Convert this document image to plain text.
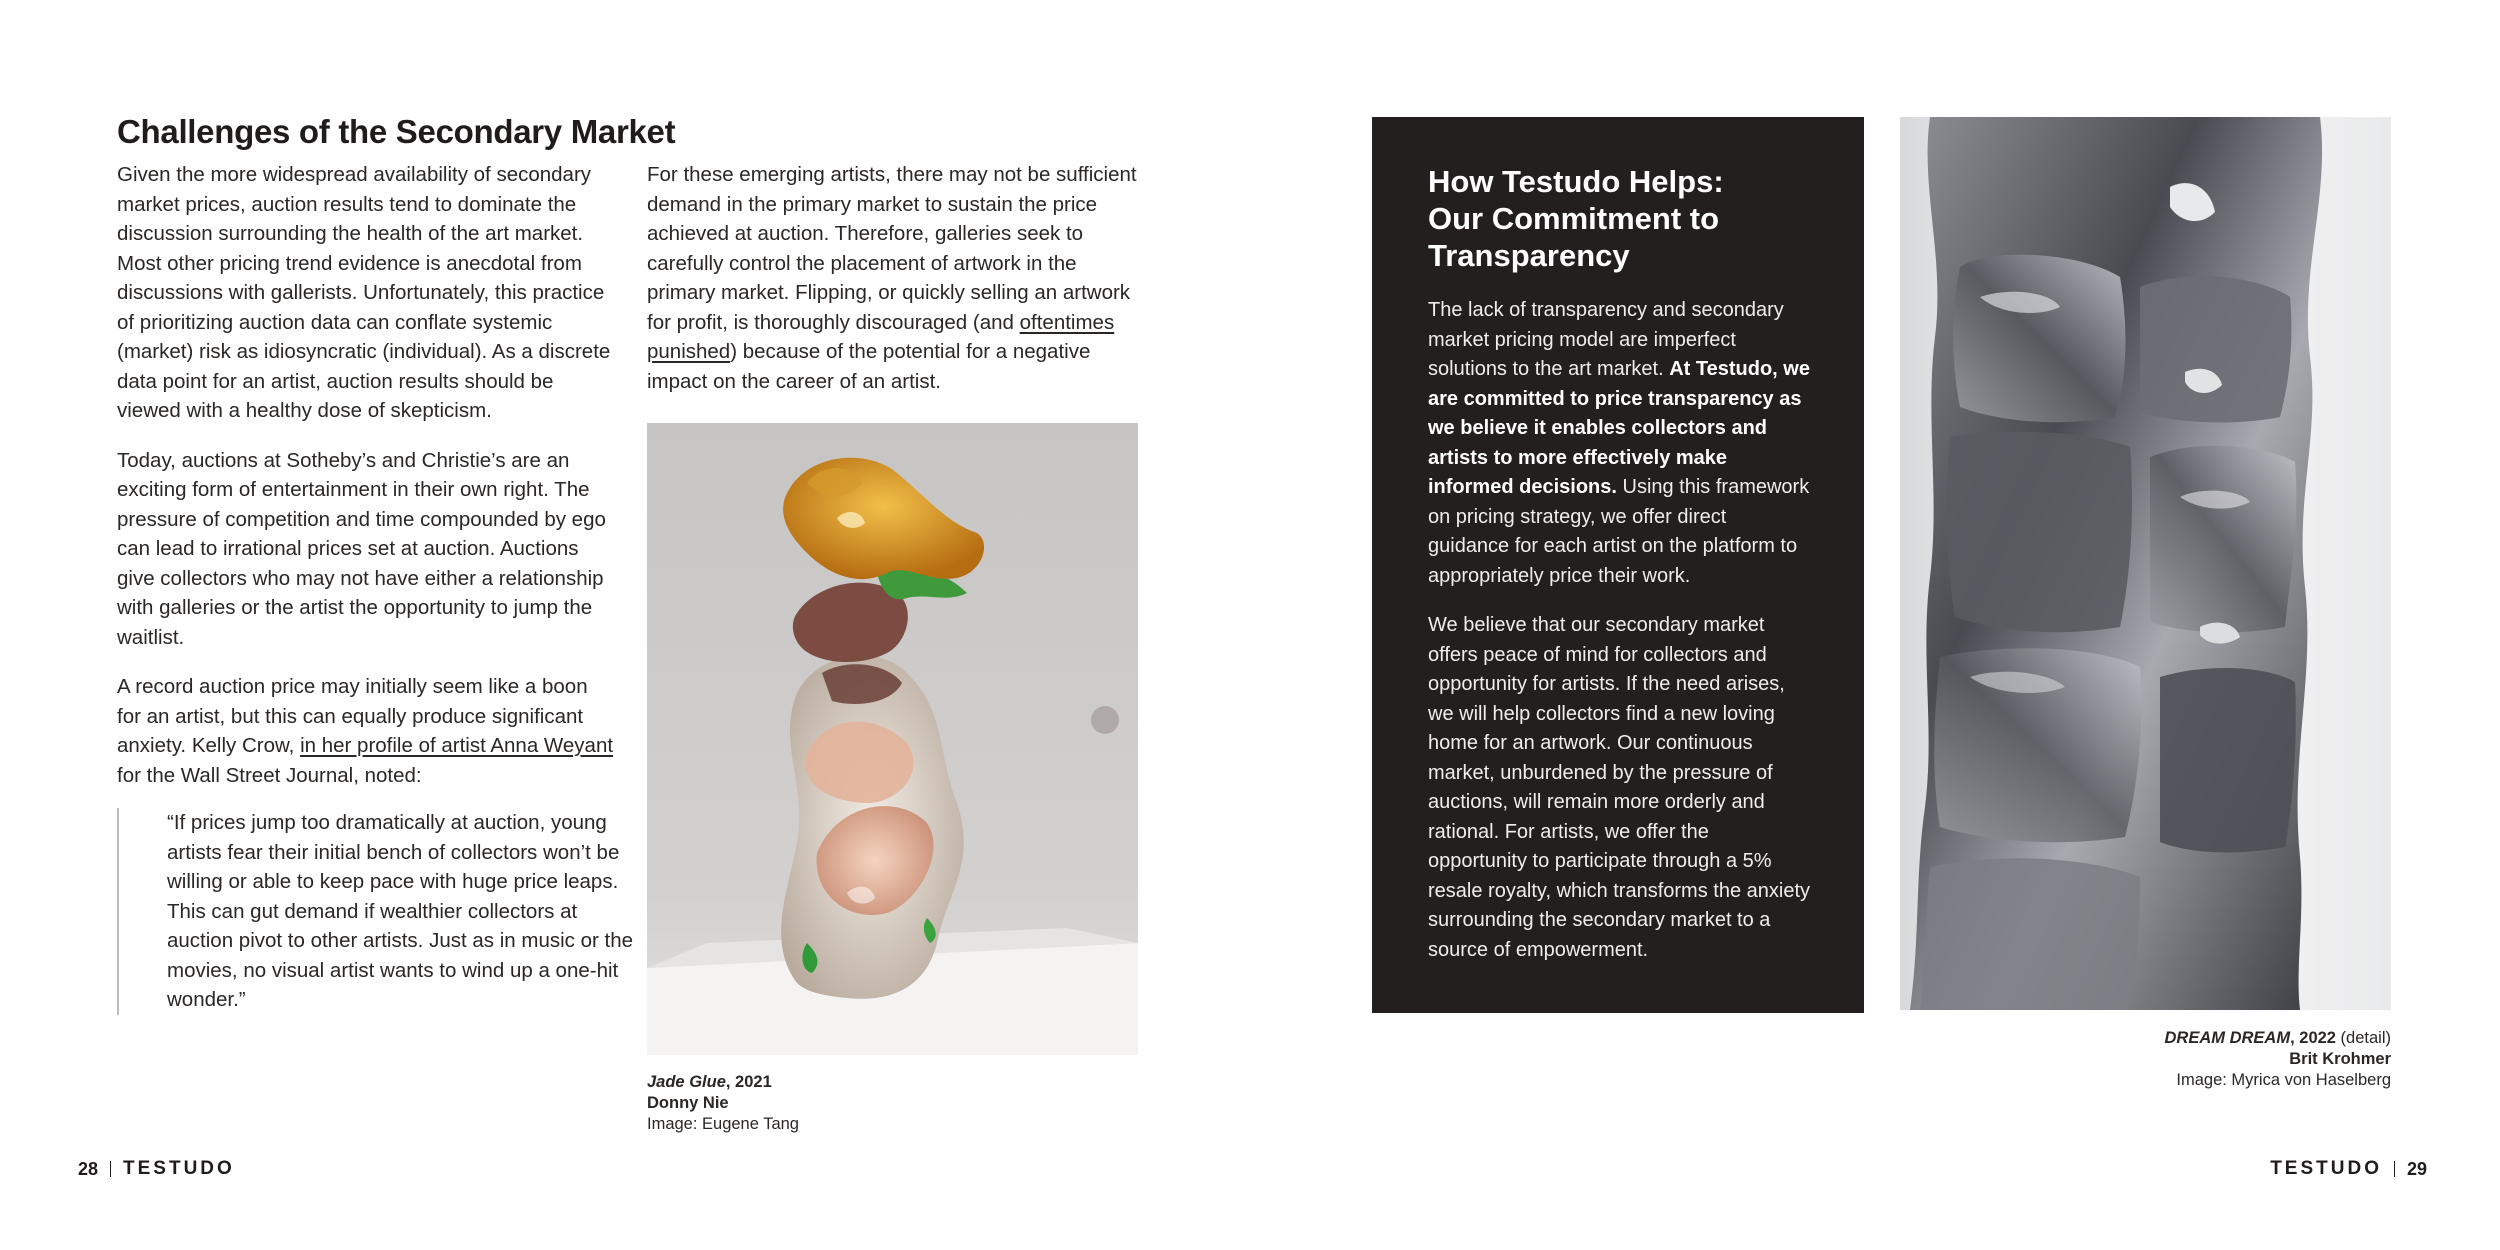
Challenges of the Secondary Market

Given the more widespread availability of secondary market prices, auction results tend to dominate the discussion surrounding the health of the art market. Most other pricing trend evidence is anecdotal from discussions with gallerists. Unfortunately, this practice of prioritizing auction data can conflate systemic (market) risk as idiosyncratic (individual). As a discrete data point for an artist, auction results should be viewed with a healthy dose of skepticism.

Today, auctions at Sotheby’s and Christie’s are an exciting form of entertainment in their own right. The pressure of competition and time compounded by ego can lead to irrational prices set at auction. Auctions give collectors who may not have either a relationship with galleries or the artist the opportunity to jump the waitlist.

A record auction price may initially seem like a boon for an artist, but this can equally produce significant anxiety. Kelly Crow, in her profile of artist Anna Weyant for the Wall Street Journal, noted:

“If prices jump too dramatically at auction, young artists fear their initial bench of collectors won’t be willing or able to keep pace with huge price leaps. This can gut demand if wealthier collectors at auction pivot to other artists. Just as in music or the movies, no visual artist wants to wind up a one-hit wonder.”

For these emerging artists, there may not be sufficient demand in the primary market to sustain the price achieved at auction. Therefore, galleries seek to carefully control the placement of artwork in the primary market. Flipping, or quickly selling an artwork for profit, is thoroughly discouraged (and oftentimes punished) because of the potential for a negative impact on the career of an artist.

Jade Glue, 2021
Donny Nie
Image: Eugene Tang
28 TESTUDO
How Testudo Helps:
Our Commitment to
Transparency

The lack of transparency and secondary market pricing model are imperfect solutions to the art market. At Testudo, we are committed to price transparency as we believe it enables collectors and artists to more effectively make informed decisions. Using this framework on pricing strategy, we offer direct guidance for each artist on the platform to appropriately price their work.

We believe that our secondary market offers peace of mind for collectors and opportunity for artists. If the need arises, we will help collectors find a new loving home for an artwork. Our continuous market, unburdened by the pressure of auctions, will remain more orderly and rational. For artists, we offer the opportunity to participate through a 5% resale royalty, which transforms the anxiety surrounding the secondary market to a source of empowerment.

DREAM DREAM, 2022 (detail)
Brit Krohmer
Image: Myrica von Haselberg
TESTUDO 29
